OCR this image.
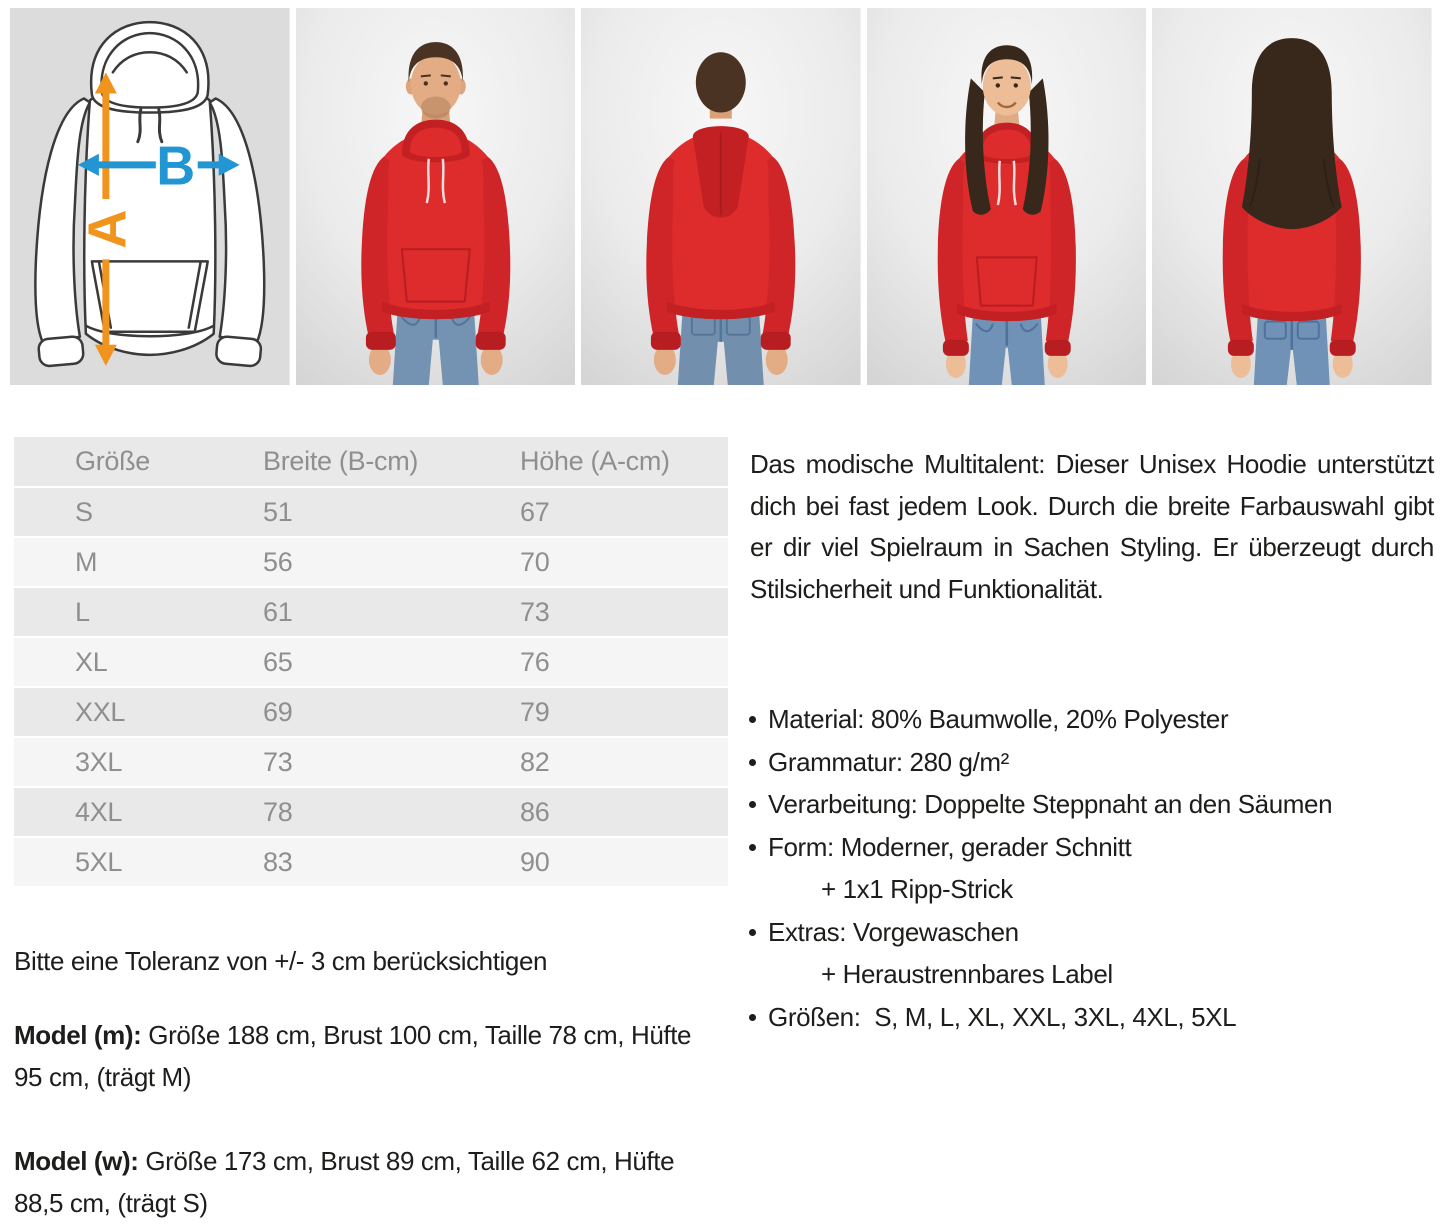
A
B
Größe	Breite (B-cm)	Höhe (A-cm)
S	51	67
M	56	70
L	61	73
XL	65	76
XXL	69	79
3XL	73	82
4XL	78	86
5XL	83	90

Bitte eine Toleranz von +/- 3 cm berücksichtigen

Model (m): Größe 188 cm, Brust 100 cm, Taille 78 cm, Hüfte 95 cm, (trägt M)

Model (w): Größe 173 cm, Brust 89 cm, Taille 62 cm, Hüfte 88,5 cm, (trägt S)

Das modische Multitalent: Dieser Unisex Hoodie unterstützt dich bei fast jedem Look. Durch die breite Farbauswahl gibt er dir viel Spielraum in Sachen Styling. Er überzeugt durch Stilsicherheit und Funktionalität.

Material: 80% Baumwolle, 20% Polyester
Grammatur: 280 g/m²
Verarbeitung: Doppelte Steppnaht an den Säumen
Form: Moderner, gerader Schnitt
+ 1x1 Ripp-Strick
Extras: Vorgewaschen
+ Heraustrennbares Label
Größen:  S, M, L, XL, XXL, 3XL, 4XL, 5XL
